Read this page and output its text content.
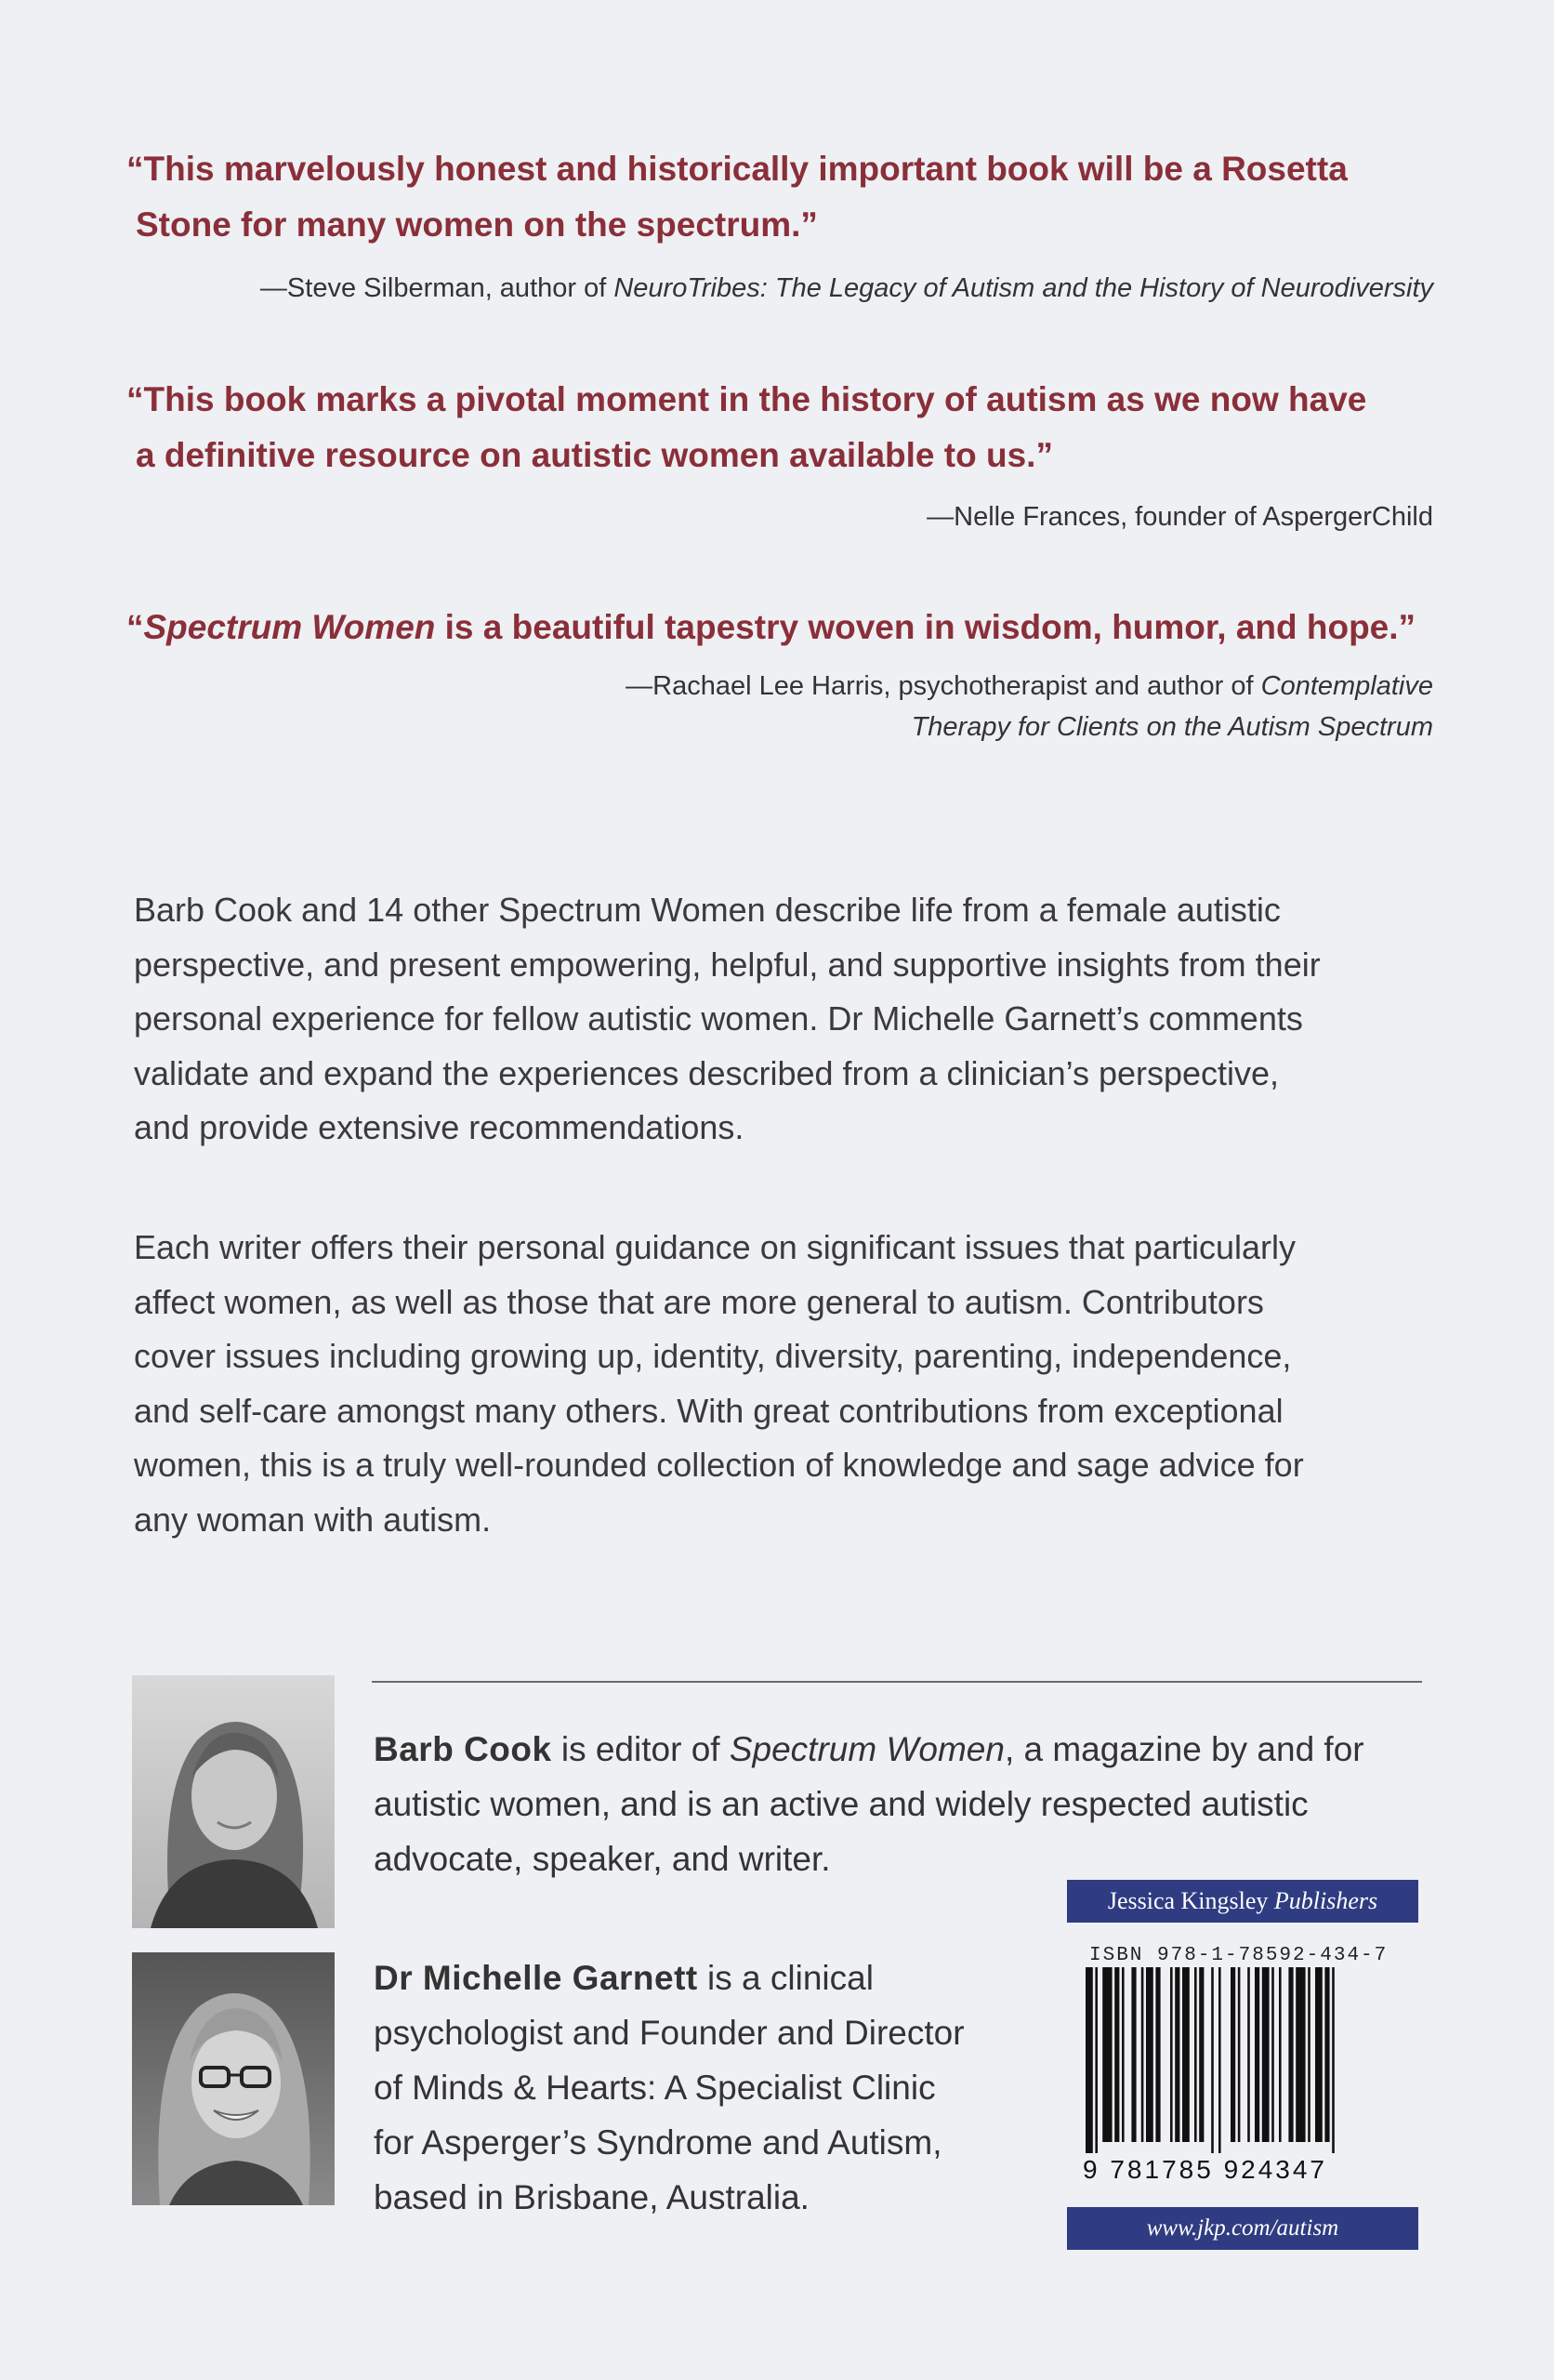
“This marvelously honest and historically important book will be a Rosetta
Stone for many women on the spectrum.”
—Steve Silberman, author of NeuroTribes: The Legacy of Autism and the History of Neurodiversity
“This book marks a pivotal moment in the history of autism as we now have
a definitive resource on autistic women available to us.”
—Nelle Frances, founder of AspergerChild
“Spectrum Women is a beautiful tapestry woven in wisdom, humor, and hope.”
—Rachael Lee Harris, psychotherapist and author of Contemplative
Therapy for Clients on the Autism Spectrum

Barb Cook and 14 other Spectrum Women describe life from a female autistic
perspective, and present empowering, helpful, and supportive insights from their
personal experience for fellow autistic women. Dr Michelle Garnett’s comments
validate and expand the experiences described from a clinician’s perspective,
and provide extensive recommendations.

Each writer offers their personal guidance on significant issues that particularly
affect women, as well as those that are more general to autism. Contributors
cover issues including growing up, identity, diversity, parenting, independence,
and self-care amongst many others. With great contributions from exceptional
women, this is a truly well-rounded collection of knowledge and sage advice for
any woman with autism.

Barb Cook is editor of Spectrum Women, a magazine by and for
autistic women, and is an active and widely respected autistic
advocate, speaker, and writer.

Dr Michelle Garnett is a clinical
psychologist and Founder and Director
of Minds & Hearts: A Specialist Clinic
for Asperger’s Syndrome and Autism,
based in Brisbane, Australia.

Jessica Kingsley Publishers
ISBN 978-1-78592-434-7
9 781785 924347
www.jkp.com/autism
